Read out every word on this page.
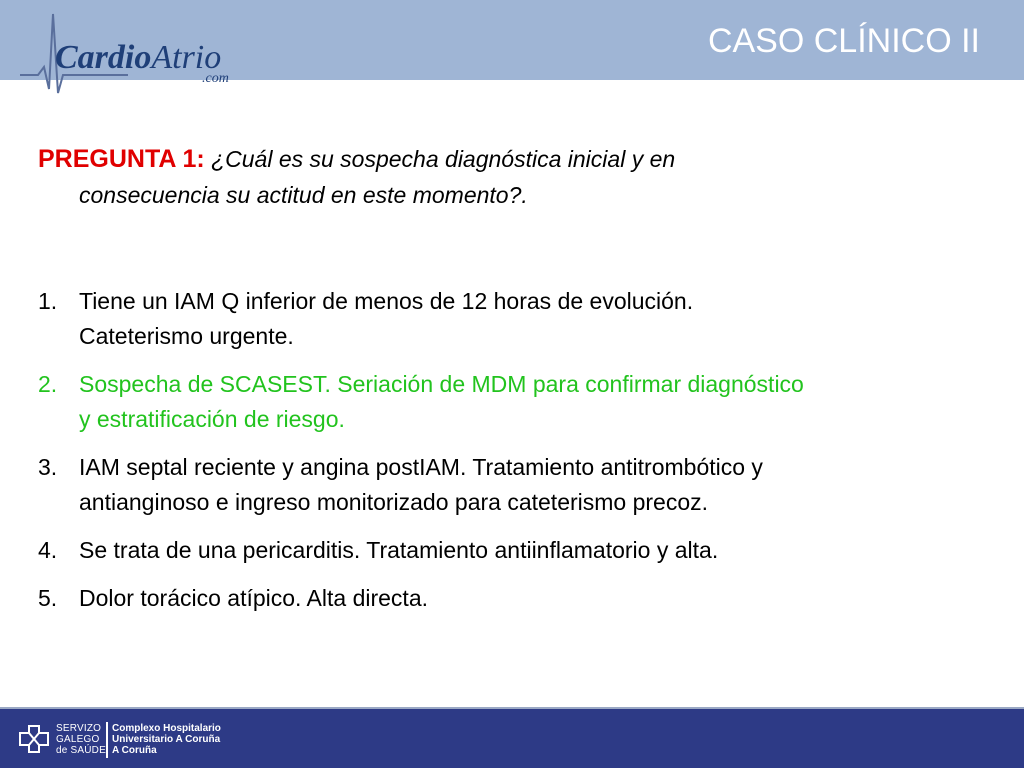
CardioAtrio
.com
CASO CLÍNICO II

PREGUNTA 1: ¿Cuál es su sospecha diagnóstica inicial y en
consecuencia su actitud en este momento?.

1. Tiene un IAM Q inferior de menos de 12 horas de evolución.
Cateterismo urgente.
2. Sospecha de SCASEST. Seriación de MDM para confirmar diagnóstico
y estratificación de riesgo.
3. IAM septal reciente y angina postIAM. Tratamiento antitrombótico y
antianginoso e ingreso monitorizado para cateterismo precoz.
4. Se trata de una pericarditis. Tratamiento antiinflamatorio y alta.
5. Dolor torácico atípico. Alta directa.
SERVIZO
GALEGO
de SAÚDE
Complexo Hospitalario
Universitario A Coruña
A Coruña
